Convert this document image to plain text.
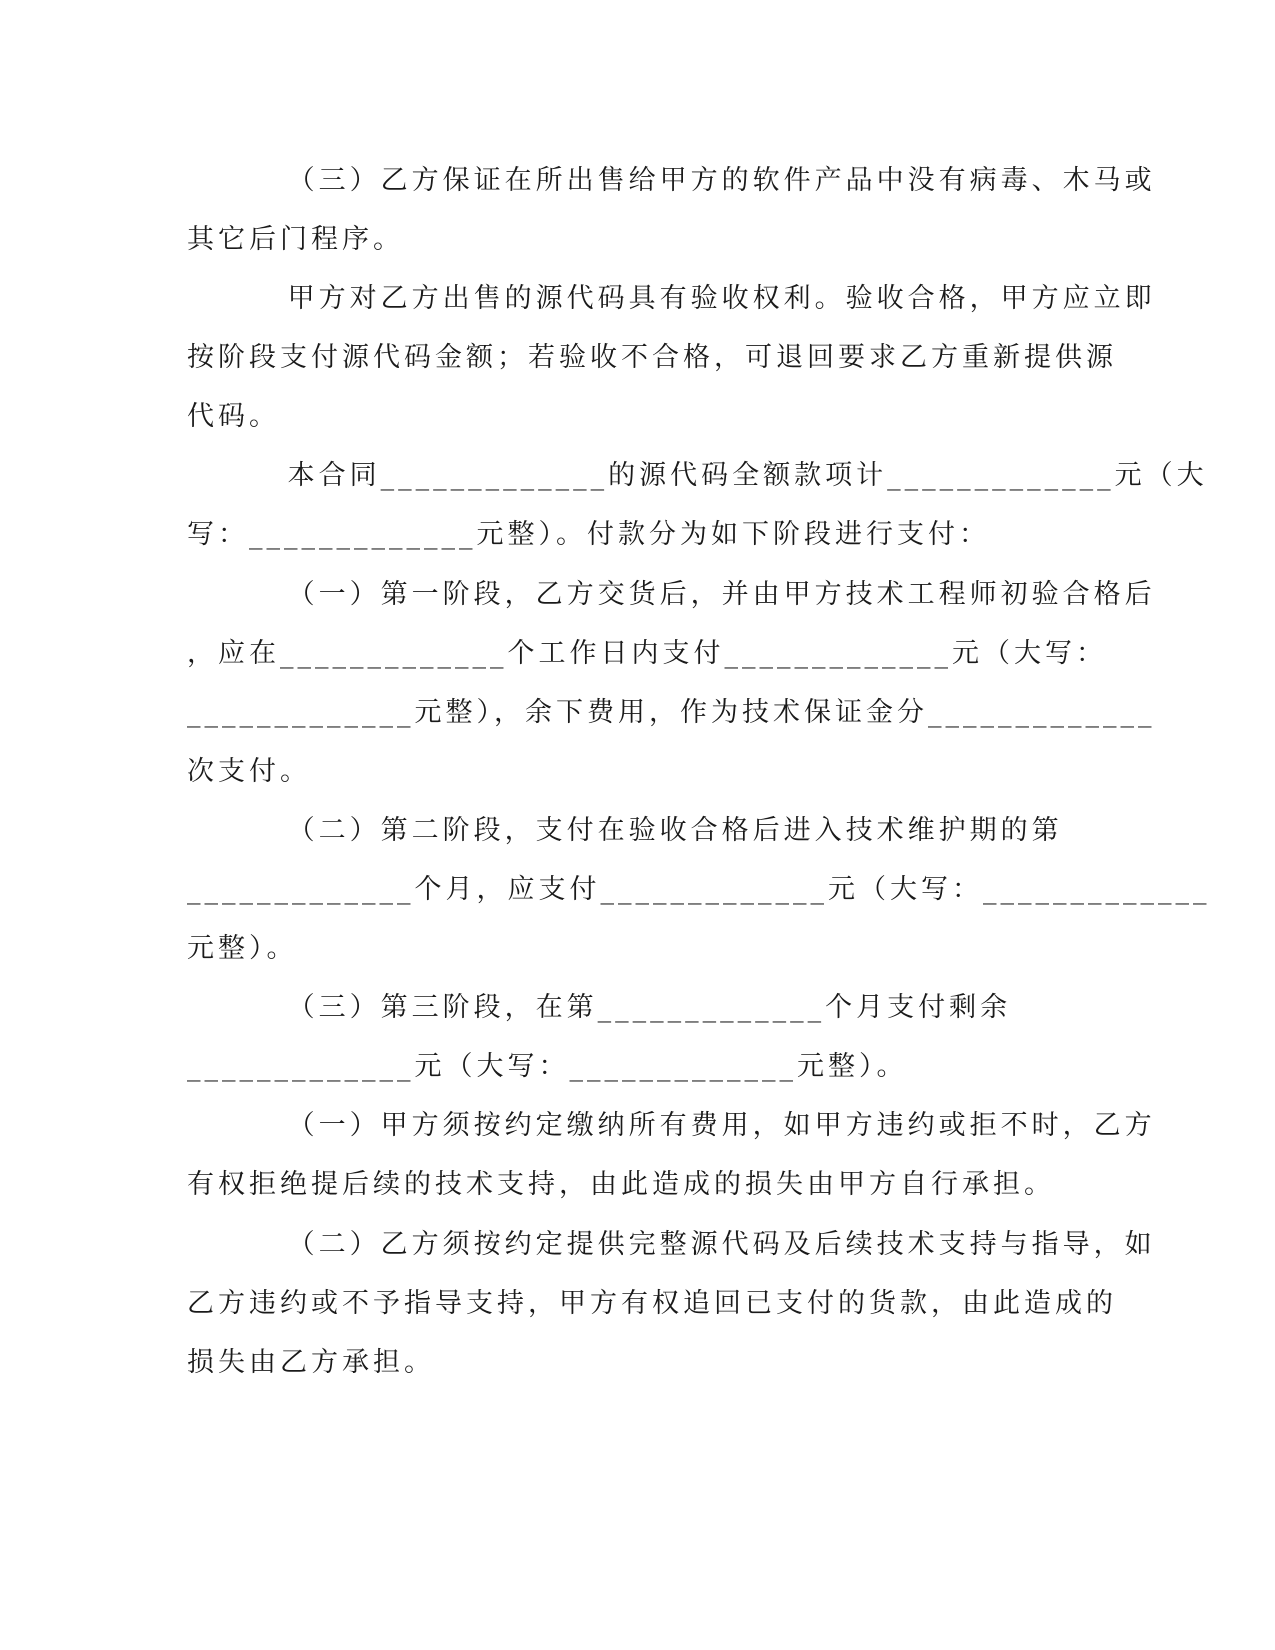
（三）乙方保证在所出售给甲方的软件产品中没有病毒、木马或

其它后门程序。

甲方对乙方出售的源代码具有验收权利。验收合格，甲方应立即

按阶段支付源代码金额；若验收不合格，可退回要求乙方重新提供源

代码。

本合同_____________的源代码全额款项计_____________元（大

写：_____________元整）。付款分为如下阶段进行支付：

（一）第一阶段，乙方交货后，并由甲方技术工程师初验合格后

，应在_____________个工作日内支付_____________元（大写：

_____________元整），余下费用，作为技术保证金分_____________

次支付。

（二）第二阶段，支付在验收合格后进入技术维护期的第

_____________个月，应支付_____________元（大写：_____________

元整）。

（三）第三阶段，在第_____________个月支付剩余

_____________元（大写：_____________元整）。

（一）甲方须按约定缴纳所有费用，如甲方违约或拒不时，乙方

有权拒绝提后续的技术支持，由此造成的损失由甲方自行承担。

（二）乙方须按约定提供完整源代码及后续技术支持与指导，如

乙方违约或不予指导支持，甲方有权追回已支付的货款，由此造成的

损失由乙方承担。
